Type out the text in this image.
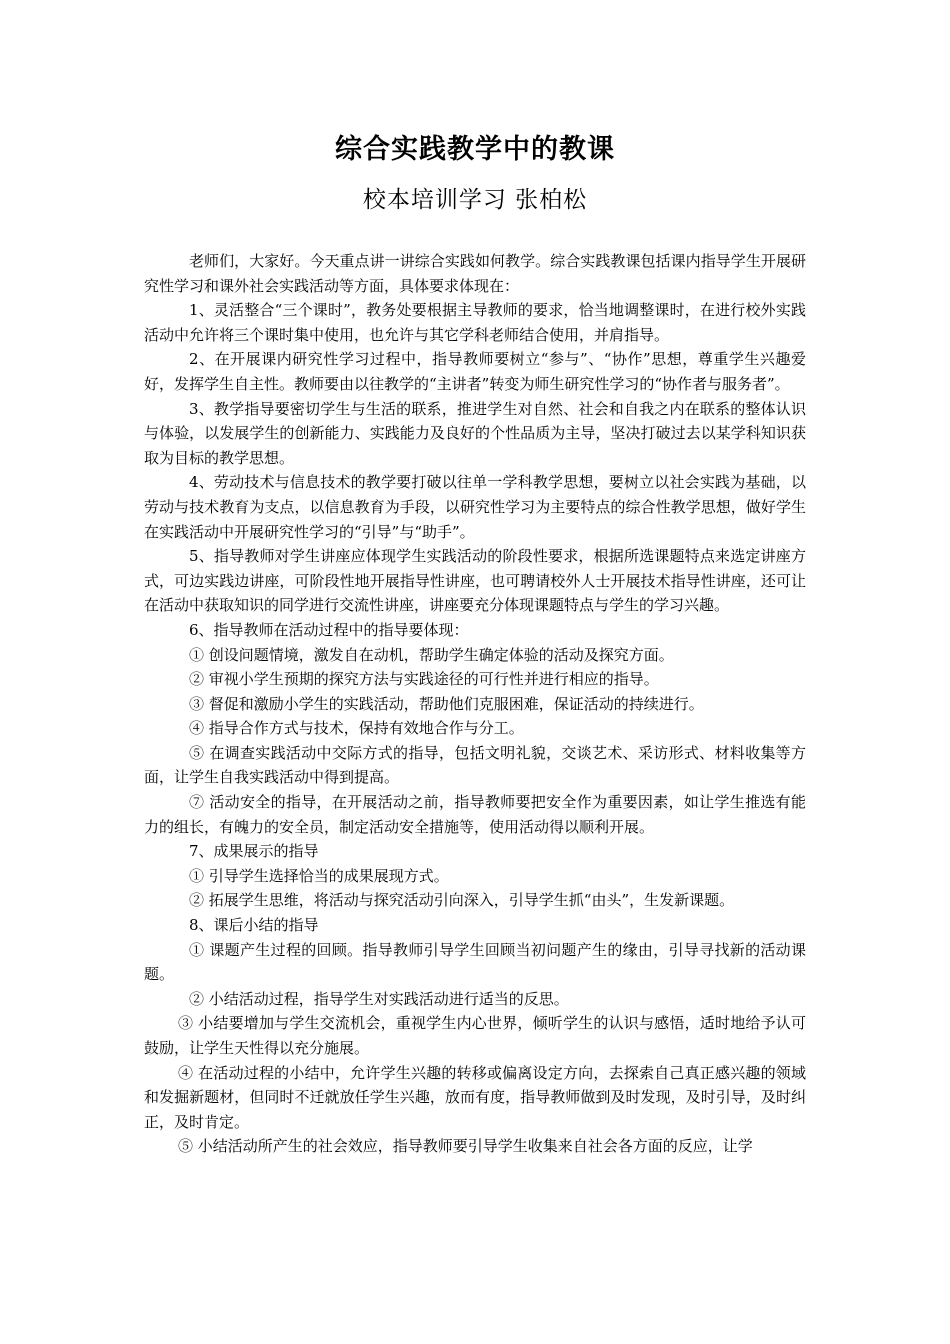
综合实践教学中的教课
校本培训学习 张柏松

老师们，大家好。今天重点讲一讲综合实践如何教学。综合实践教课包括课内指导学生开展研究性学习和课外社会实践活动等方面，具体要求体现在：

1、灵活整合“三个课时”，教务处要根据主导教师的要求，恰当地调整课时，在进行校外实践活动中允许将三个课时集中使用，也允许与其它学科老师结合使用，并肩指导。

2、在开展课内研究性学习过程中，指导教师要树立“参与”、“协作”思想，尊重学生兴趣爱好，发挥学生自主性。教师要由以往教学的“主讲者”转变为师生研究性学习的“协作者与服务者”。

3、教学指导要密切学生与生活的联系，推进学生对自然、社会和自我之内在联系的整体认识与体验，以发展学生的创新能力、实践能力及良好的个性品质为主导，坚决打破过去以某学科知识获取为目标的教学思想。

4、劳动技术与信息技术的教学要打破以往单一学科教学思想，要树立以社会实践为基础，以劳动与技术教育为支点，以信息教育为手段，以研究性学习为主要特点的综合性教学思想，做好学生在实践活动中开展研究性学习的“引导”与“助手”。

5、指导教师对学生讲座应体现学生实践活动的阶段性要求，根据所选课题特点来选定讲座方式，可边实践边讲座，可阶段性地开展指导性讲座，也可聘请校外人士开展技术指导性讲座，还可让在活动中获取知识的同学进行交流性讲座，讲座要充分体现课题特点与学生的学习兴趣。

6、指导教师在活动过程中的指导要体现：

① 创设问题情境，激发自在动机，帮助学生确定体验的活动及探究方面。

② 审视小学生预期的探究方法与实践途径的可行性并进行相应的指导。

③ 督促和激励小学生的实践活动，帮助他们克服困难，保证活动的持续进行。

④ 指导合作方式与技术，保持有效地合作与分工。

⑤ 在调查实践活动中交际方式的指导，包括文明礼貌，交谈艺术、采访形式、材料收集等方面，让学生自我实践活动中得到提高。

⑦ 活动安全的指导，在开展活动之前，指导教师要把安全作为重要因素，如让学生推选有能力的组长，有魄力的安全员，制定活动安全措施等，使用活动得以顺利开展。

7、成果展示的指导

① 引导学生选择恰当的成果展现方式。

② 拓展学生思维，将活动与探究活动引向深入，引导学生抓“由头”，生发新课题。

8、课后小结的指导

① 课题产生过程的回顾。指导教师引导学生回顾当初问题产生的缘由，引导寻找新的活动课题。

② 小结活动过程，指导学生对实践活动进行适当的反思。

③ 小结要增加与学生交流机会，重视学生内心世界，倾听学生的认识与感悟，适时地给予认可鼓励，让学生天性得以充分施展。

④ 在活动过程的小结中，允许学生兴趣的转移或偏离设定方向，去探索自己真正感兴趣的领域和发掘新题材，但同时不迁就放任学生兴趣，放而有度，指导教师做到及时发现，及时引导，及时纠正，及时肯定。

⑤ 小结活动所产生的社会效应，指导教师要引导学生收集来自社会各方面的反应，让学
